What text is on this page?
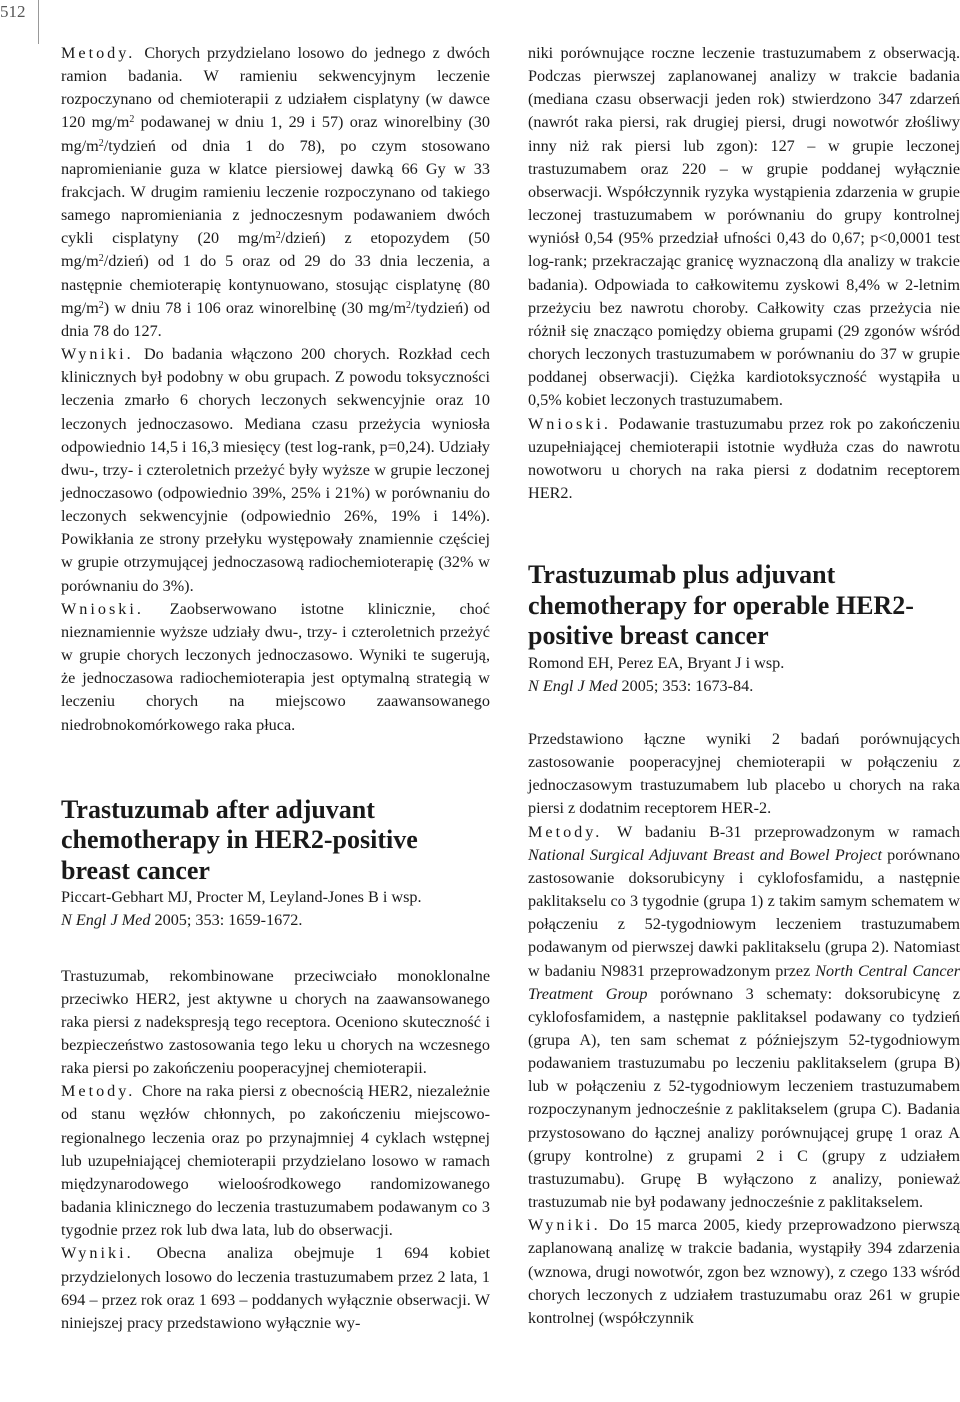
512

Metody. Chorych przydzielano losowo do jednego z dwóch ramion badania. W ramieniu sekwencyjnym leczenie rozpoczynano od chemioterapii z udziałem cisplatyny (w dawce 120 $mg/m^2$ podawanej w dniu 1, 29 i 57) oraz winorelbiny (30 $mg/m^2$/tydzień od dnia 1 do 78), po czym stosowano napromienianie guza w klatce piersiowej dawką 66 Gy w 33 frakcjach. W drugim ramieniu leczenie rozpoczynano od takiego samego napromieniania z jednoczesnym podawaniem dwóch cykli cisplatyny (20 $mg/m^2/dzień$) z etopozydem (50 $mg/m^2/dzień$) od 1 do 5 oraz od 29 do 33 dnia leczenia, a następnie chemioterapię kontynuowano, stosując cisplatynę (80 $mg/m^2$) w dniu 78 i 106 oraz winorelbinę (30 $mg/m^2/tydzień$) od dnia 78 do 127.

Wyniki. Do badania włączono 200 chorych. Rozkład cech klinicznych był podobny w obu grupach. Z powodu toksyczności leczenia zmarło 6 chorych leczonych sekwencyjnie oraz 10 leczonych jednoczasowo. Mediana czasu przeżycia wyniosła odpowiednio 14,5 i 16,3 miesięcy (test log-rank, p=0,24). Udziały dwu-, trzy- i czteroletnich przeżyć były wyższe w grupie leczonej jednoczasowo (odpowiednio 39%, 25% i 21%) w porównaniu do leczonych sekwencyjnie (odpowiednio 26%, 19% i 14%). Powikłania ze strony przełyku występowały znamiennie częściej w grupie otrzymującej jednoczasową radiochemioterapię (32% w porównaniu do 3%).

Wnioski. Zaobserwowano istotne klinicznie, choć nieznamiennie wyższe udziały dwu-, trzy- i czteroletnich przeżyć w grupie chorych leczonych jednoczasowo. Wyniki te sugerują, że jednoczasowa radiochemioterapia jest optymalną strategią w leczeniu chorych na miejscowo zaawansowanego niedrobnokomórkowego raka płuca.

Trastuzumab after adjuvant chemotherapy in HER2-positive breast cancer

Piccart-Gebhart MJ, Procter M, Leyland-Jones B i wsp.

N Engl J Med 2005; 353: 1659-1672.

Trastuzumab, rekombinowane przeciwciało monoklonalne przeciwko HER2, jest aktywne u chorych na zaawansowanego raka piersi z nadekspresją tego receptora. Oceniono skuteczność i bezpieczeństwo zastosowania tego leku u chorych na wczesnego raka piersi po zakończeniu pooperacyjnej chemioterapii.

Metody. Chore na raka piersi z obecnością HER2, niezależnie od stanu węzłów chłonnych, po zakończeniu miejscowo-regionalnego leczenia oraz po przynajmniej 4 cyklach wstępnej lub uzupełniającej chemioterapii przydzielano losowo w ramach międzynarodowego wieloośrodkowego randomizowanego badania klinicznego do leczenia trastuzumabem podawanym co 3 tygodnie przez rok lub dwa lata, lub do obserwacji.

Wyniki. Obecna analiza obejmuje 1 694 kobiet przydzielonych losowo do leczenia trastuzumabem przez 2 lata, 1 694 – przez rok oraz 1 693 – poddanych wyłącznie obserwacji. W niniejszej pracy przedstawiono wyłącznie wy-

niki porównujące roczne leczenie trastuzumabem z obserwacją. Podczas pierwszej zaplanowanej analizy w trakcie badania (mediana czasu obserwacji jeden rok) stwierdzono 347 zdarzeń (nawrót raka piersi, rak drugiej piersi, drugi nowotwór złośliwy inny niż rak piersi lub zgon): 127 – w grupie leczonej trastuzumabem oraz 220 – w grupie poddanej wyłącznie obserwacji. Współczynnik ryzyka wystąpienia zdarzenia w grupie leczonej trastuzumabem w porównaniu do grupy kontrolnej wyniósł 0,54 (95% przedział ufności 0,43 do 0,67; p<0,0001 test log-rank; przekraczając granicę wyznaczoną dla analizy w trakcie badania). Odpowiada to całkowitemu zyskowi 8,4% w 2-letnim przeżyciu bez nawrotu choroby. Całkowity czas przeżycia nie różnił się znacząco pomiędzy obiema grupami (29 zgonów wśród chorych leczonych trastuzumabem w porównaniu do 37 w grupie poddanej obserwacji). Ciężka kardiotoksyczność wystąpiła u 0,5% kobiet leczonych trastuzumabem.

Wnioski. Podawanie trastuzumabu przez rok po zakończeniu uzupełniającej chemioterapii istotnie wydłuża czas do nawrotu nowotworu u chorych na raka piersi z dodatnim receptorem HER2.

Trastuzumab plus adjuvant chemotherapy for operable HER2-positive breast cancer

Romond EH, Perez EA, Bryant J i wsp.

N Engl J Med 2005; 353: 1673-84.

Przedstawiono łączne wyniki 2 badań porównujących zastosowanie pooperacyjnej chemioterapii w połączeniu z jednoczasowym trastuzumabem lub placebo u chorych na raka piersi z dodatnim receptorem HER-2.

Metody. W badaniu B-31 przeprowadzonym w ramach National Surgical Adjuvant Breast and Bowel Project porównano zastosowanie doksorubicyny i cyklofosfamidu, a następnie paklitakselu co 3 tygodnie (grupa 1) z takim samym schematem w połączeniu z 52-tygodniowym leczeniem trastuzumabem podawanym od pierwszej dawki paklitakselu (grupa 2). Natomiast w badaniu N9831 przeprowadzonym przez North Central Cancer Treatment Group porównano 3 schematy: doksorubicynę z cyklofosfamidem, a następnie paklitaksel podawany co tydzień (grupa A), ten sam schemat z późniejszym 52-tygodniowym podawaniem trastuzumabu po leczeniu paklitakselem (grupa B) lub w połączeniu z 52-tygodniowym leczeniem trastuzumabem rozpoczynanym jednocześnie z paklitakselem (grupa C). Badania przystosowano do łącznej analizy porównującej grupę 1 oraz A (grupy kontrolne) z grupami 2 i C (grupy z udziałem trastuzumabu). Grupę B wyłączono z analizy, ponieważ trastuzumab nie był podawany jednocześnie z paklitakselem.

Wyniki. Do 15 marca 2005, kiedy przeprowadzono pierwszą zaplanowaną analizę w trakcie badania, wystąpiły 394 zdarzenia (wznowa, drugi nowotwór, zgon bez wznowy), z czego 133 wśród chorych leczonych z udziałem trastuzumabu oraz 261 w grupie kontrolnej (współczynnik
